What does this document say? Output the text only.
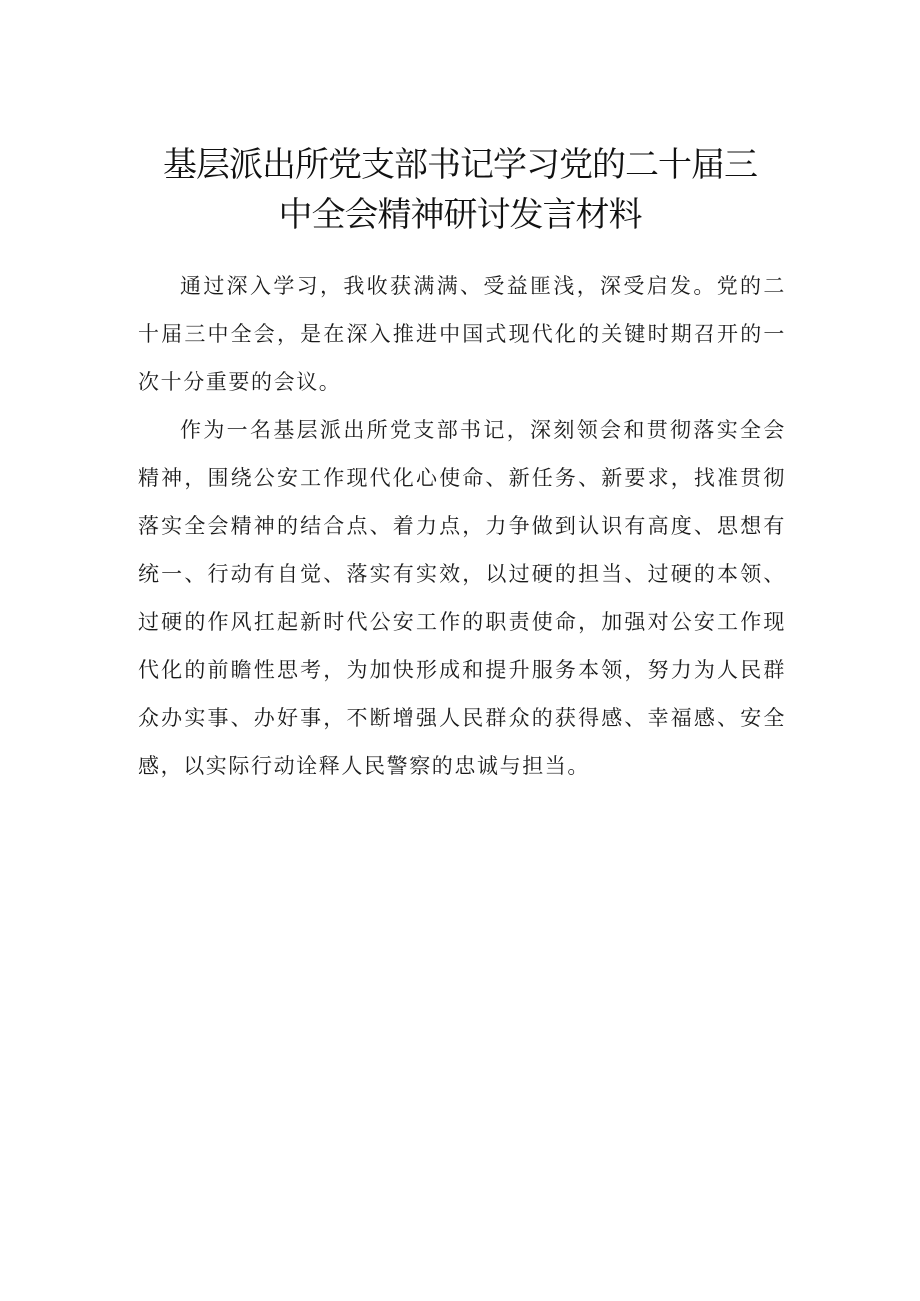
基层派出所党支部书记学习党的二十届三
中全会精神研讨发言材料

通过深入学习，我收获满满、受益匪浅，深受启发。党的二十届三中全会，是在深入推进中国式现代化的关键时期召开的一次十分重要的会议。

作为一名基层派出所党支部书记，深刻领会和贯彻落实全会精神，围绕公安工作现代化心使命、新任务、新要求，找准贯彻落实全会精神的结合点、着力点，力争做到认识有高度、思想有统一、行动有自觉、落实有实效，以过硬的担当、过硬的本领、过硬的作风扛起新时代公安工作的职责使命，加强对公安工作现代化的前瞻性思考，为加快形成和提升服务本领，努力为人民群众办实事、办好事，不断增强人民群众的获得感、幸福感、安全感，以实际行动诠释人民警察的忠诚与担当。
